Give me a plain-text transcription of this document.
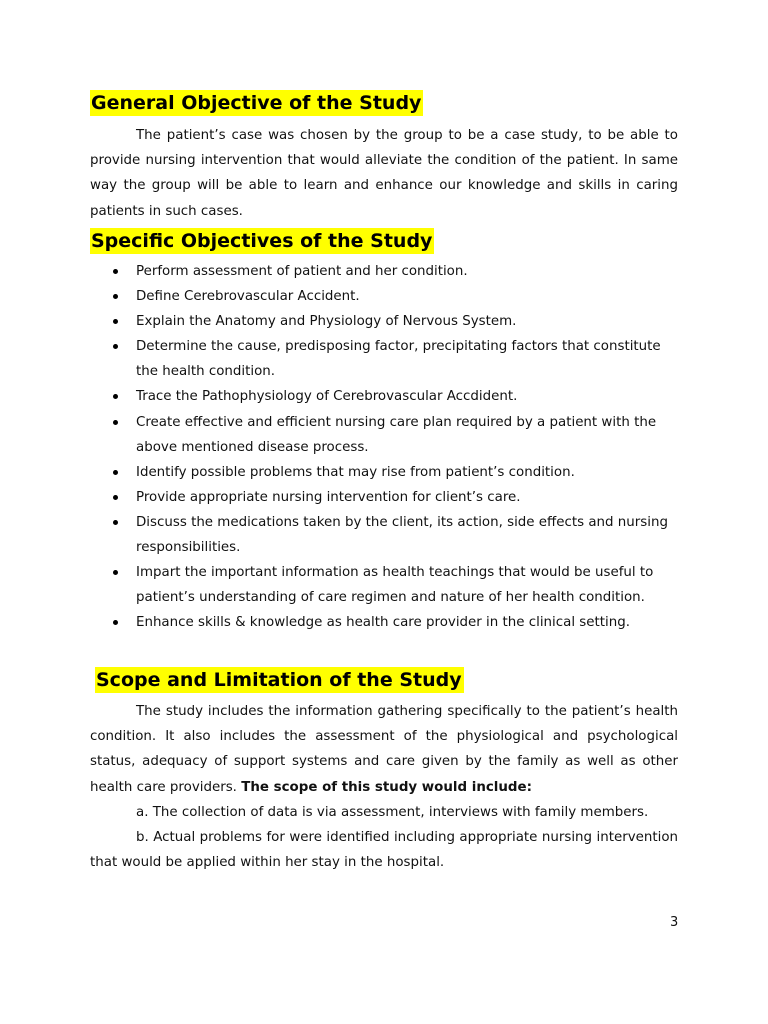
General Objective of the Study

The patient’s case was chosen by the group to be a case study, to be able to provide nursing intervention that would alleviate the condition of the patient. In same way the group will be able to learn and enhance our knowledge and skills in caring patients in such cases.

Specific Objectives of the Study
Perform assessment of patient and her condition.
Define Cerebrovascular Accident.
Explain the Anatomy and Physiology of Nervous System.
Determine the cause, predisposing factor, precipitating factors that constitute the health condition.
Trace the Pathophysiology of Cerebrovascular Accdident.
Create effective and efficient nursing care plan required by a patient with the above mentioned disease process.
Identify possible problems that may rise from patient’s condition.
Provide appropriate nursing intervention for client’s care.
Discuss the medications taken by the client, its action, side effects and nursing responsibilities.
Impart the important information as health teachings that would be useful to patient’s understanding of care regimen and nature of her health condition.
Enhance skills & knowledge as health care provider in the clinical setting.
Scope and Limitation of the Study

The study includes the information gathering specifically to the patient’s health condition. It also includes the assessment of the physiological and psychological status, adequacy of support systems and care given by the family as well as other health care providers. The scope of this study would include:

a. The collection of data is via assessment, interviews with family members.

b. Actual problems for were identified including appropriate nursing intervention that would be applied within her stay in the hospital.

3
